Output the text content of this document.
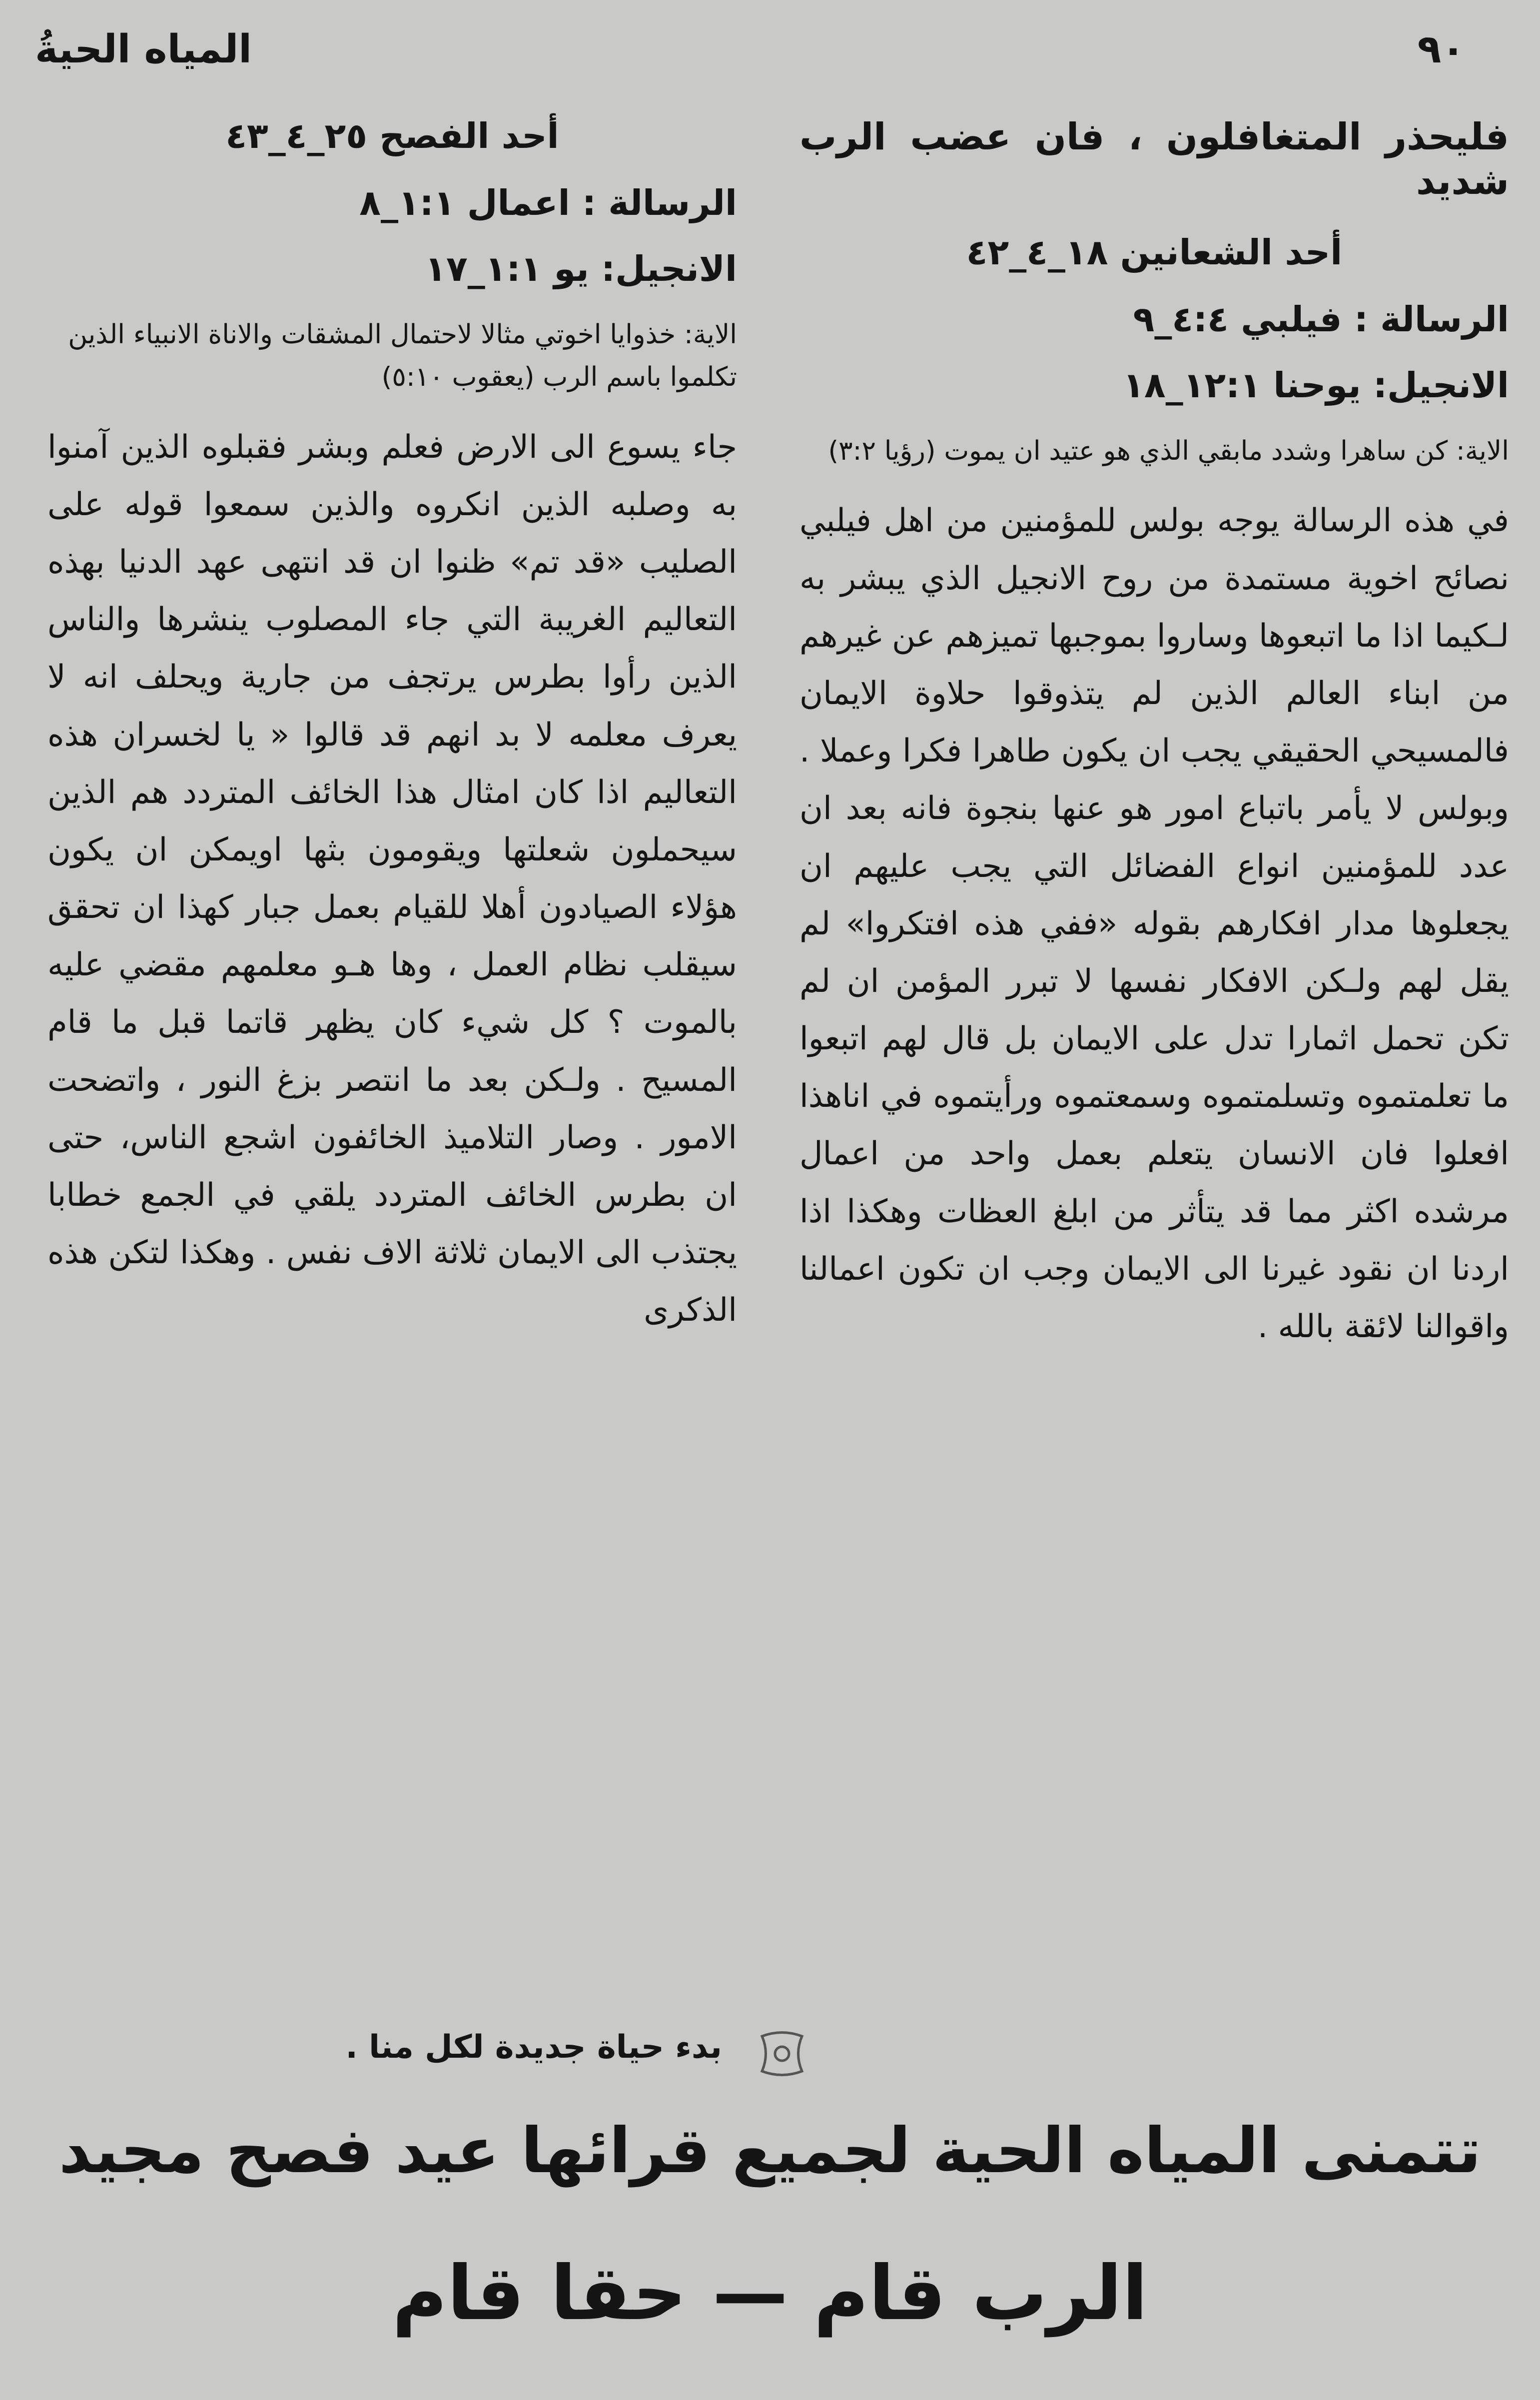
المياه الحيةُ	٩٠

فليحذر المتغافلون ، فان عضب الرب شديد

أحد الشعانين ١٨_٤_٤٢

الرسالة : فيلبي ٤:٤_٩

الانجيل: يوحنا ١٢:١_١٨

الاية: كن ساهرا وشدد مابقي الذي هو عتيد ان يموت (رؤيا ٣:٢)

في هذه الرسالة يوجه بولس للمؤمنين من اهل فيلبي نصائح اخوية مستمدة من روح الانجيل الذي يبشر به لـكيما اذا ما اتبعوها وساروا بموجبها تميزهم عن غيرهم من ابناء العالم الذين لم يتذوقوا حلاوة الايمان فالمسيحي الحقيقي يجب ان يكون طاهرا فكرا وعملا . وبولس لا يأمر باتباع امور هو عنها بنجوة فانه بعد ان عدد للمؤمنين انواع الفضائل التي يجب عليهم ان يجعلوها مدار افكارهم بقوله «ففي هذه افتكروا» لم يقل لهم ولـكن الافكار نفسها لا تبرر المؤمن ان لم تكن تحمل اثمارا تدل على الايمان بل قال لهم اتبعوا ما تعلمتموه وتسلمتموه وسمعتموه ورأيتموه في اناهذا افعلوا فان الانسان يتعلم بعمل واحد من اعمال مرشده اكثر مما قد يتأثر من ابلغ العظات وهكذا اذا اردنا ان نقود غيرنا الى الايمان وجب ان تكون اعمالنا واقوالنا لائقة بالله .

أحد الفصح ٢٥_٤_٤٣

الرسالة : اعمال ١:١_٨

الانجيل: يو ١:١_١٧

الاية: خذوايا اخوتي مثالا لاحتمال المشقات والاناة الانبياء الذين تكلموا باسم الرب (يعقوب ٥:١٠)

جاء يسوع الى الارض فعلم وبشر فقبلوه الذين آمنوا به وصلبه الذين انكروه والذين سمعوا قوله على الصليب «قد تم» ظنوا ان قد انتهى عهد الدنيا بهذه التعاليم الغريبة التي جاء المصلوب ينشرها والناس الذين رأوا بطرس يرتجف من جارية ويحلف انه لا يعرف معلمه لا بد انهم قد قالوا « يا لخسران هذه التعاليم اذا كان امثال هذا الخائف المتردد هم الذين سيحملون شعلتها ويقومون بثها اويمكن ان يكون هؤلاء الصيادون أهلا للقيام بعمل جبار كهذا ان تحقق سيقلب نظام العمل ، وها هـو معلمهم مقضي عليه بالموت ؟ كل شيء كان يظهر قاتما قبل ما قام المسيح . ولـكن بعد ما انتصر بزغ النور ، واتضحت الامور . وصار التلاميذ الخائفون اشجع الناس، حتى ان بطرس الخائف المتردد يلقي في الجمع خطابا يجتذب الى الايمان ثلاثة الاف نفس . وهكذا لتكن هذه الذكرى

بدء حياة جديدة لكل منا .
تتمنى المياه الحية لجميع قرائها عيد فصح مجيد
الرب قام — حقا قام
